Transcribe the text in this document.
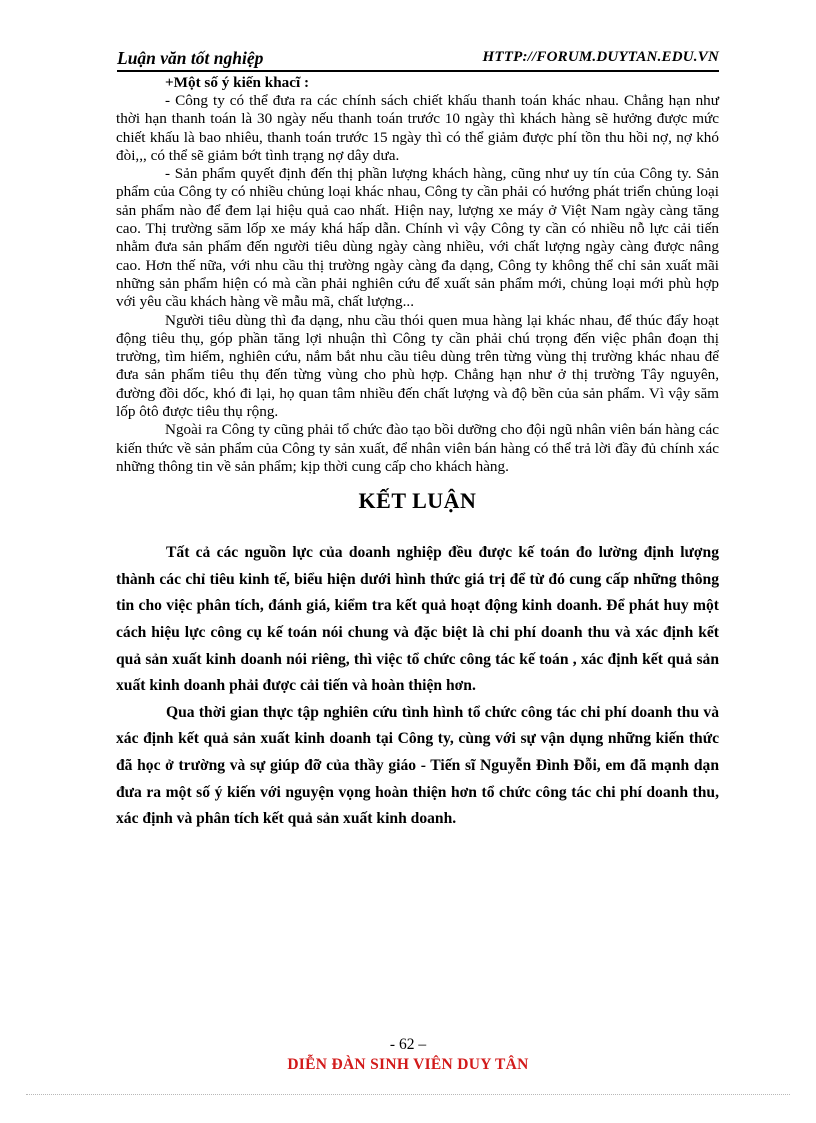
Luận văn tốt nghiệp	HTTP://FORUM.DUYTAN.EDU.VN
+Một số ý kiến khacĩ :

- Công ty có thể đưa ra các chính sách chiết khấu thanh toán khác nhau. Chẳng hạn như thời hạn thanh toán là 30 ngày nếu thanh toán trước 10 ngày thì khách hàng sẽ hưởng được mức chiết khấu là bao nhiêu, thanh toán trước 15 ngày thì có thể giảm được phí tồn thu hồi nợ, nợ khó đòi,,, có thể sẽ giảm bớt tình trạng nợ dây dưa.

- Sản phẩm quyết định đến thị phần lượng khách hàng, cũng như uy tín của Công ty. Sản phẩm của Công ty có nhiều chủng loại khác nhau, Công ty cần phải có hướng phát triển chủng loại sản phẩm nào để đem lại hiệu quả cao nhất. Hiện nay, lượng xe máy ở Việt Nam ngày càng tăng cao. Thị trường săm lốp xe máy khá hấp dẫn. Chính vì vậy Công ty cần có nhiều nỗ lực cải tiến nhằm đưa sản phẩm đến người tiêu dùng ngày càng nhiều, với chất lượng ngày càng được nâng cao. Hơn thế nữa, với nhu cầu thị trường ngày càng đa dạng, Công ty không thể chỉ sản xuất mãi những sản phẩm hiện có mà cần phải nghiên cứu để xuất sản phẩm mới, chủng loại mới phù hợp với yêu cầu khách hàng về mẫu mã, chất lượng...

Người tiêu dùng thì đa dạng, nhu cầu thói quen mua hàng lại khác nhau, để thúc đẩy hoạt động tiêu thụ, góp phần tăng lợi nhuận thì Công ty cần phải chú trọng đến việc phân đoạn thị trường, tìm hiểm, nghiên cứu, nắm bắt nhu cầu tiêu dùng trên từng vùng thị trường khác nhau để đưa sản phẩm tiêu thụ đến từng vùng cho phù hợp. Chẳng hạn như ở thị trường Tây nguyên, đường đồi dốc, khó đi lại, họ quan tâm nhiều đến chất lượng và độ bền của sản phẩm. Vì vậy săm lốp ôtô được tiêu thụ rộng.

Ngoài ra Công ty cũng phải tổ chức đào tạo bồi dưỡng cho đội ngũ nhân viên bán hàng các kiến thức về sản phẩm của Công ty sản xuất, để nhân viên bán hàng có thể trả lời đầy đủ chính xác những thông tin về sản phẩm; kịp thời cung cấp cho khách hàng.

KẾT LUẬN

Tất cả các nguồn lực của doanh nghiệp đều được kế toán đo lường định lượng thành các chỉ tiêu kinh tế, biểu hiện dưới hình thức giá trị để từ đó cung cấp những thông tin cho việc phân tích, đánh giá, kiểm tra kết quả hoạt động kinh doanh. Để phát huy một cách hiệu lực công cụ kế toán nói chung và đặc biệt là chi phí doanh thu và xác định kết quả sản xuất kinh doanh nói riêng, thì việc tổ chức công tác kế toán , xác định kết quả sản xuất kinh doanh phải được cải tiến và hoàn thiện hơn.

Qua thời gian thực tập nghiên cứu tình hình tổ chức công tác chi phí doanh thu và xác định kết quả sản xuất kinh doanh tại Công ty, cùng với sự vận dụng những kiến thức đã học ở trường và sự giúp đỡ của thầy giáo - Tiến sĩ Nguyễn Đình Đỗi, em đã mạnh dạn đưa ra một số ý kiến với nguyện vọng hoàn thiện hơn tổ chức công tác chi phí doanh thu, xác định và phân tích kết quả sản xuất kinh doanh.

- 62 –
DIỄN ĐÀN SINH VIÊN DUY TÂN
